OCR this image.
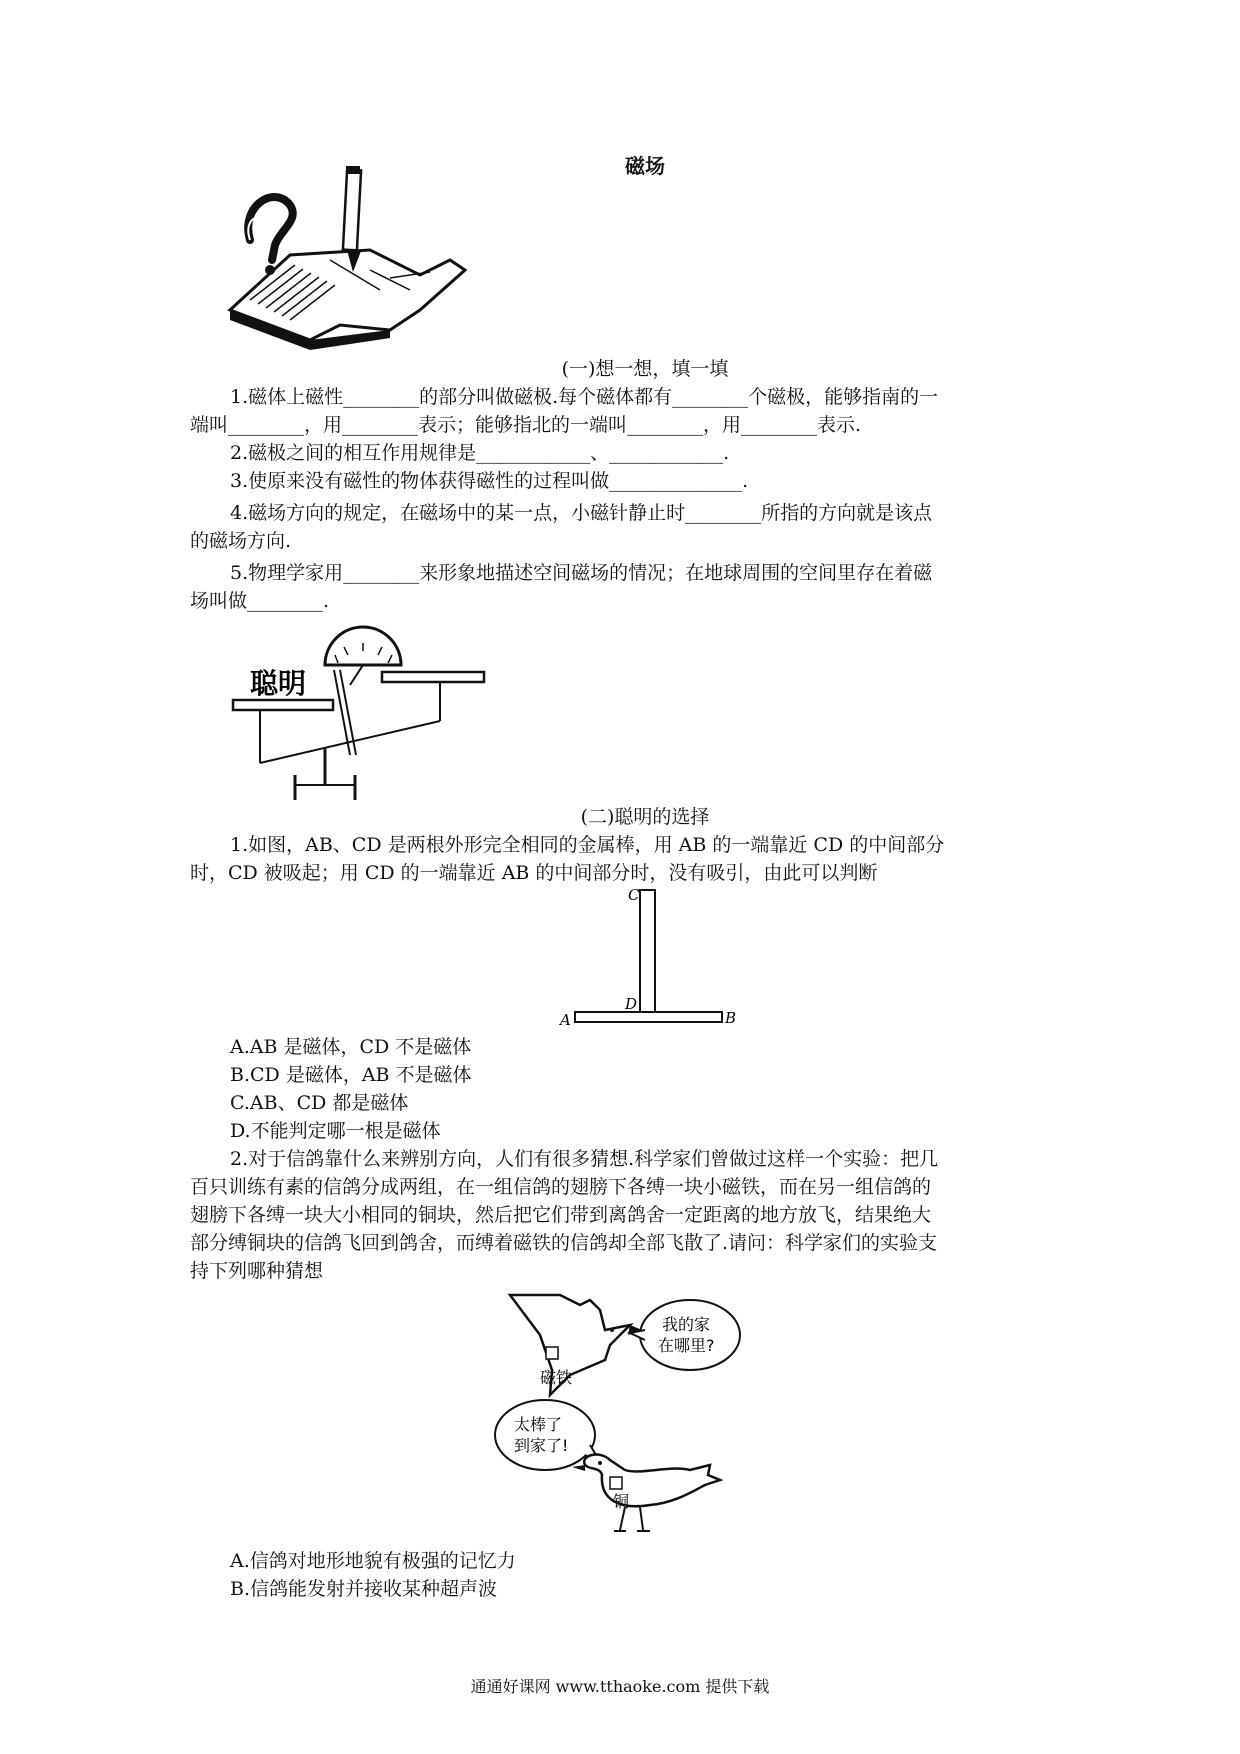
磁场
(一)想一想，填一填
1.磁体上磁性________的部分叫做磁极.每个磁体都有________个磁极，能够指南的一
端叫________，用________表示；能够指北的一端叫________，用________表示.
2.磁极之间的相互作用规律是____________、____________.
3.使原来没有磁性的物体获得磁性的过程叫做______________.
4.磁场方向的规定，在磁场中的某一点，小磁针静止时________所指的方向就是该点
的磁场方向.
5.物理学家用________来形象地描述空间磁场的情况；在地球周围的空间里存在着磁
场叫做________.
聪明
(二)聪明的选择
1.如图，AB、CD 是两根外形完全相同的金属棒，用 AB 的一端靠近 CD 的中间部分
时，CD 被吸起；用 CD 的一端靠近 AB 的中间部分时，没有吸引，由此可以判断
C
D
A	B
A.AB 是磁体，CD 不是磁体
B.CD 是磁体，AB 不是磁体
C.AB、CD 都是磁体
D.不能判定哪一根是磁体
2.对于信鸽靠什么来辨别方向，人们有很多猜想.科学家们曾做过这样一个实验：把几
百只训练有素的信鸽分成两组，在一组信鸽的翅膀下各缚一块小磁铁，而在另一组信鸽的
翅膀下各缚一块大小相同的铜块，然后把它们带到离鸽舍一定距离的地方放飞，结果绝大
部分缚铜块的信鸽飞回到鸽舍，而缚着磁铁的信鸽却全部飞散了.请问：科学家们的实验支
持下列哪种猜想
磁铁
我的家
在哪里?
太棒了
到家了!
铜
A.信鸽对地形地貌有极强的记忆力
B.信鸽能发射并接收某种超声波
通通好课网 www.tthaoke.com 提供下载
